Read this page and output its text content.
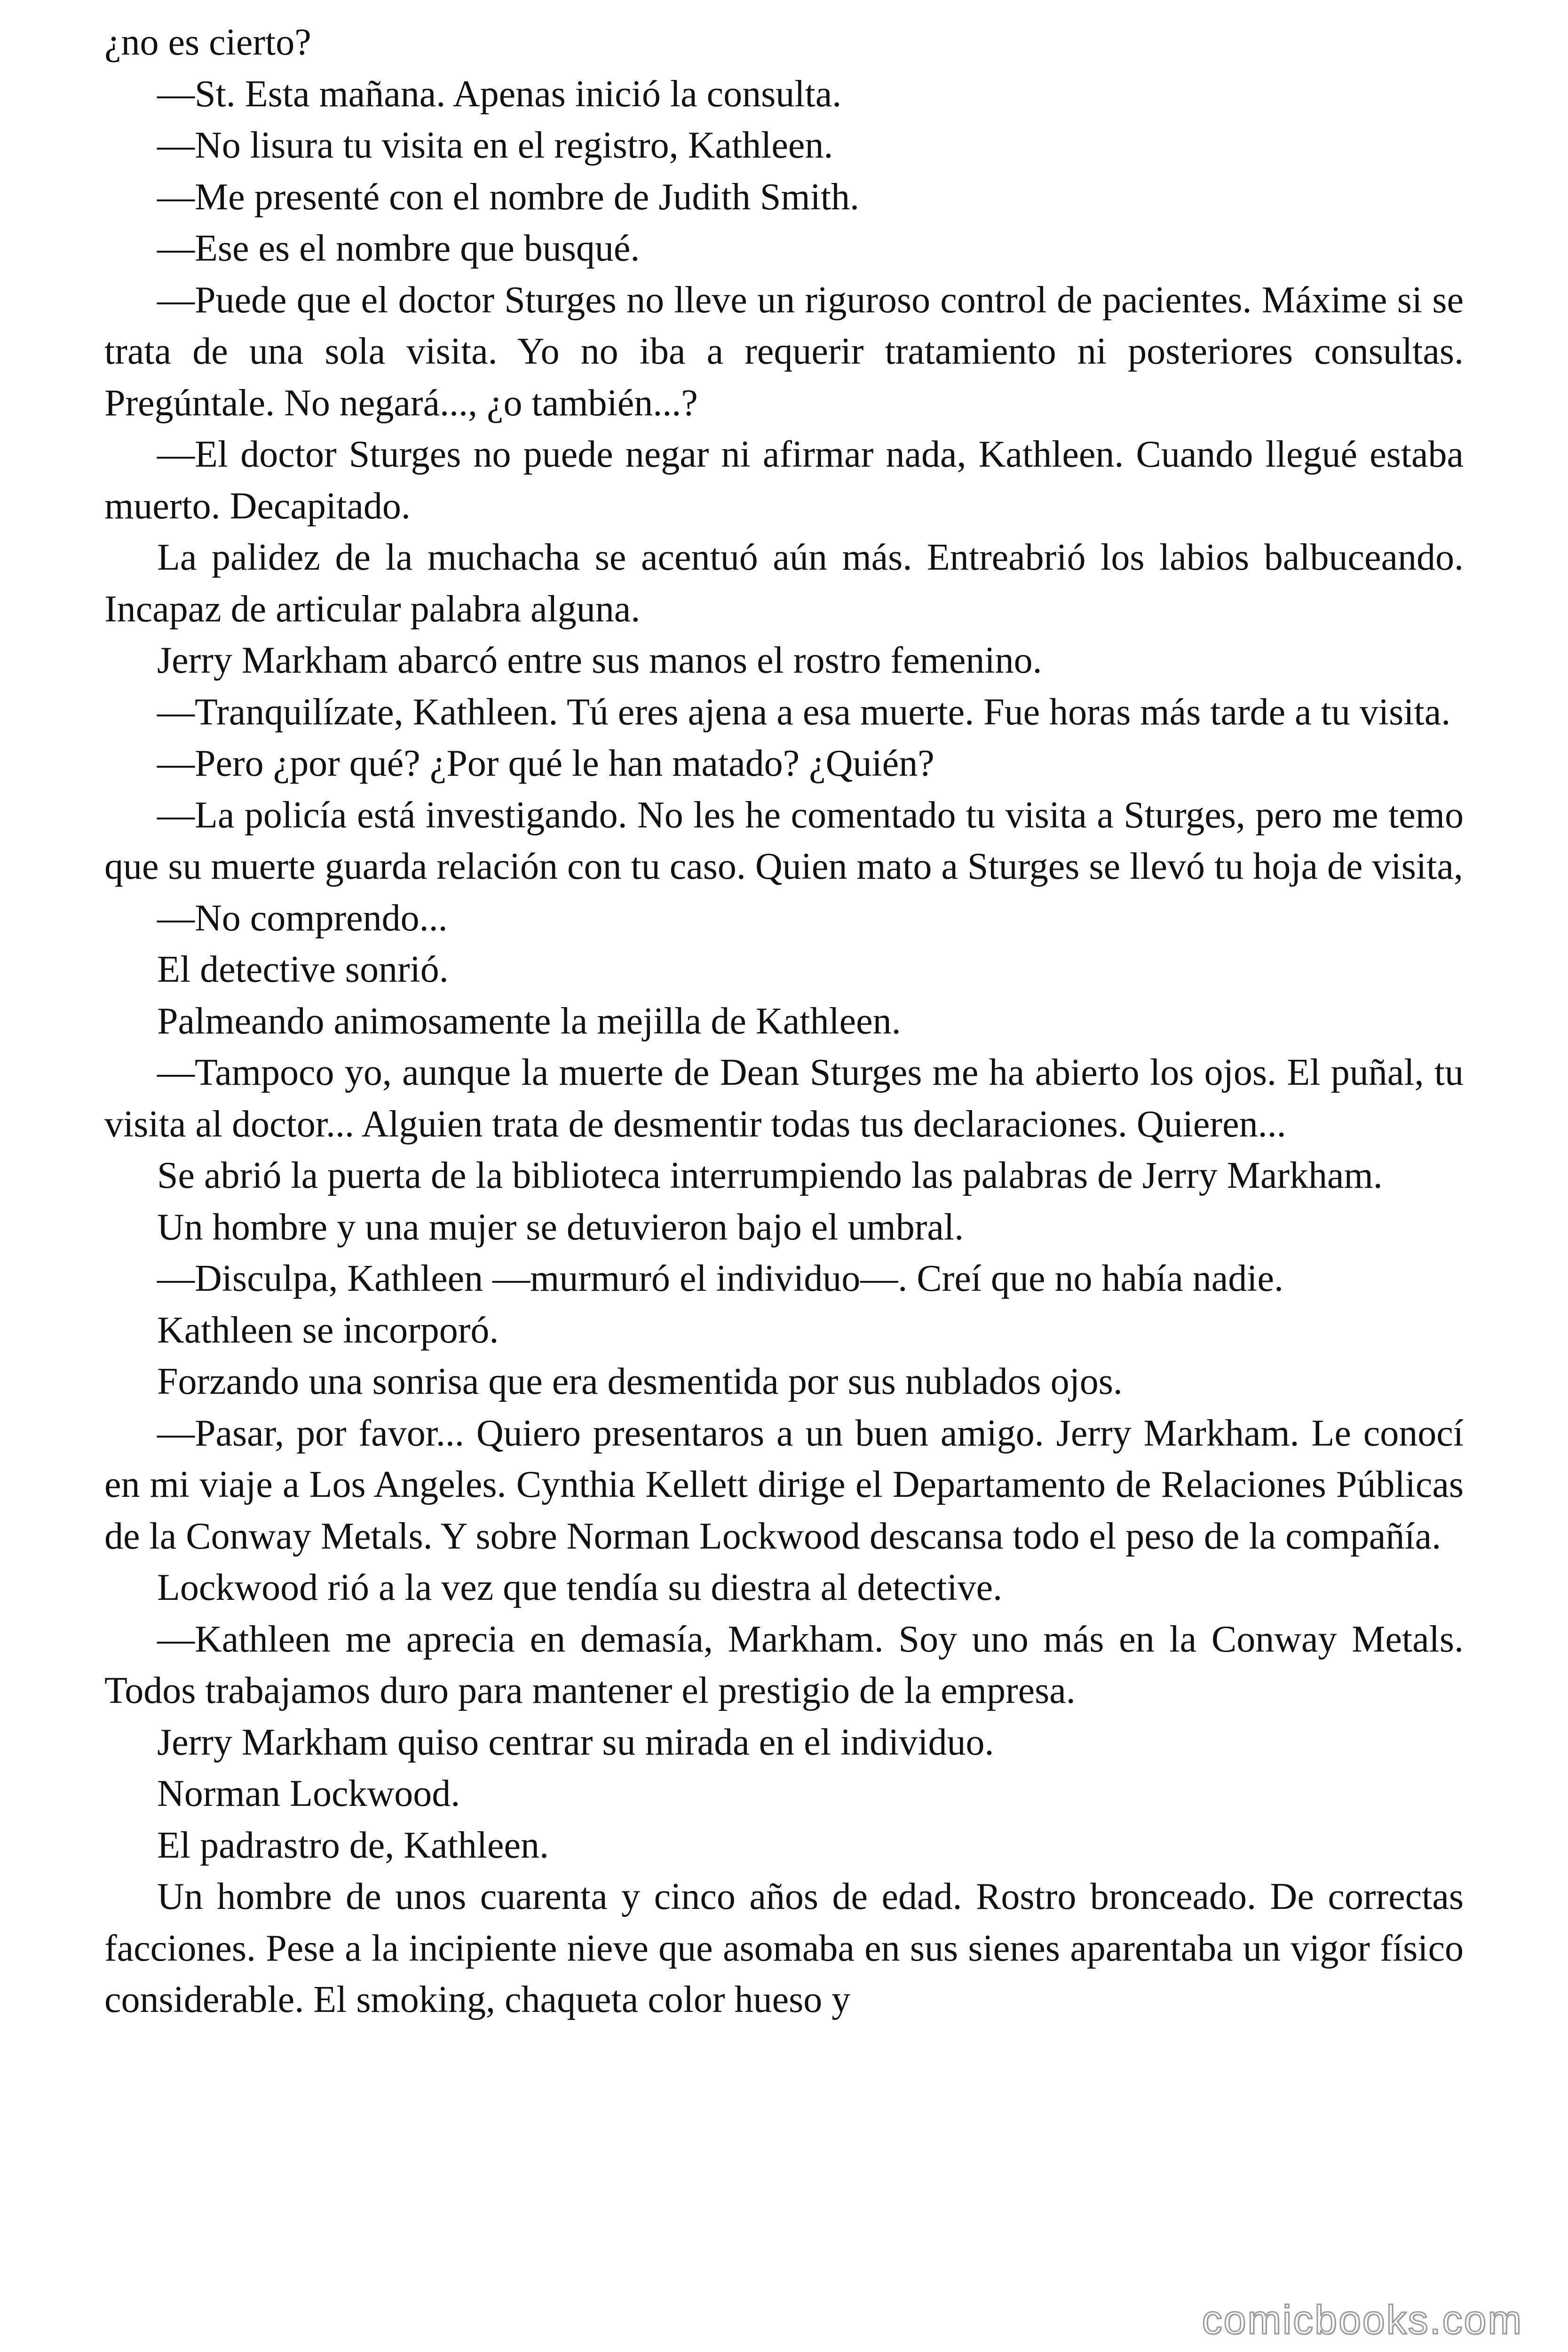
¿no es cierto?

—St. Esta mañana. Apenas inició la consulta.

—No lisura tu visita en el registro, Kathleen.

—Me presenté con el nombre de Judith Smith.

—Ese es el nombre que busqué.

—Puede que el doctor Sturges no lleve un riguroso control de pacientes. Máxime si se trata de una sola visita. Yo no iba a requerir tratamiento ni posteriores consultas. Pregúntale. No negará..., ¿o también...?

—El doctor Sturges no puede negar ni afirmar nada, Kathleen. Cuando llegué estaba muerto. Decapitado.

La palidez de la muchacha se acentuó aún más. Entreabrió los labios balbuceando. Incapaz de articular palabra alguna.

Jerry Markham abarcó entre sus manos el rostro femenino.

—Tranquilízate, Kathleen. Tú eres ajena a esa muerte. Fue horas más tarde a tu visita.

—Pero ¿por qué? ¿Por qué le han matado? ¿Quién?

—La policía está investigando. No les he comentado tu visita a Sturges, pero me temo que su muerte guarda relación con tu caso. Quien mato a Sturges se llevó tu hoja de visita,

—No comprendo...

El detective sonrió.

Palmeando animosamente la mejilla de Kathleen.

—Tampoco yo, aunque la muerte de Dean Sturges me ha abierto los ojos. El puñal, tu visita al doctor... Alguien trata de desmentir todas tus declaraciones. Quieren...

Se abrió la puerta de la biblioteca interrumpiendo las palabras de Jerry Markham.

Un hombre y una mujer se detuvieron bajo el umbral.

—Disculpa, Kathleen —murmuró el individuo—. Creí que no había nadie.

Kathleen se incorporó.

Forzando una sonrisa que era desmentida por sus nublados ojos.

—Pasar, por favor... Quiero presentaros a un buen amigo. Jerry Markham. Le conocí en mi viaje a Los Angeles. Cynthia Kellett dirige el Departamento de Relaciones Públicas de la Conway Metals. Y sobre Norman Lockwood descansa todo el peso de la compañía.

Lockwood rió a la vez que tendía su diestra al detective.

—Kathleen me aprecia en demasía, Markham. Soy uno más en la Conway Metals. Todos trabajamos duro para mantener el prestigio de la empresa.

Jerry Markham quiso centrar su mirada en el individuo.

Norman Lockwood.

El padrastro de, Kathleen.

Un hombre de unos cuarenta y cinco años de edad. Rostro bronceado. De correctas facciones. Pese a la incipiente nieve que asomaba en sus sienes aparentaba un vigor físico considerable. El smoking, chaqueta color hueso y

comicbooks.com
